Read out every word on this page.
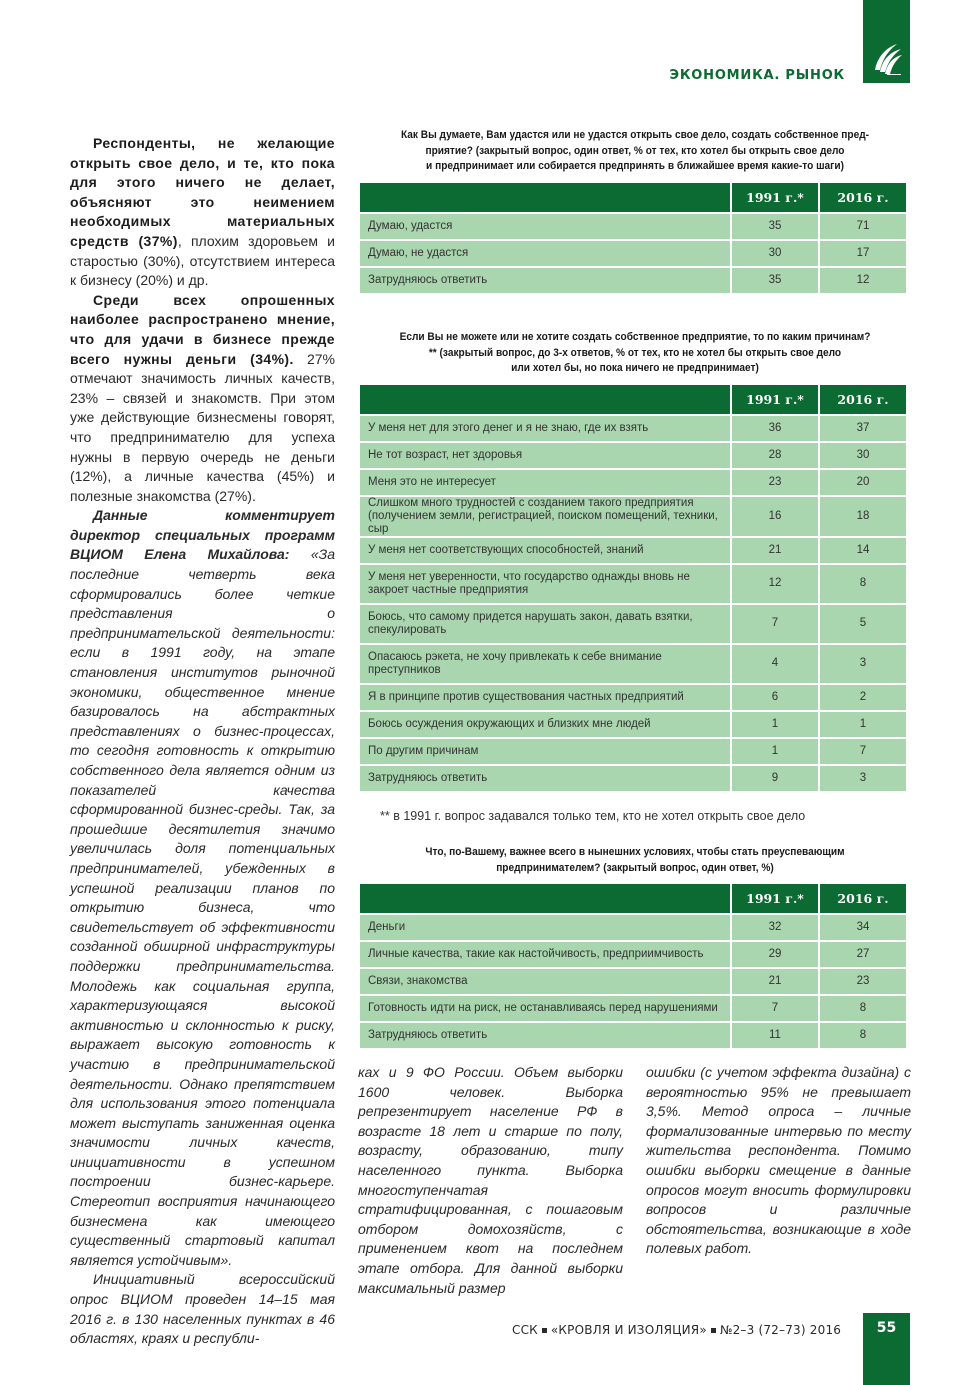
ЭКОНОМИКА. РЫНОК

Респонденты, не желающие открыть свое дело, и те, кто пока для этого ничего не делает, объясняют это неимением необходимых материальных средств (37%), плохим здоровьем и старостью (30%), отсутствием интереса к бизнесу (20%) и др.

Среди всех опрошенных наиболее распространено мнение, что для удачи в бизнесе прежде всего нужны деньги (34%). 27% отмечают значимость личных качеств, 23% – связей и знакомств. При этом уже действующие бизнесмены говорят, что предпринимателю для успеха нужны в первую очередь не деньги (12%), а личные качества (45%) и полезные знакомства (27%).

Данные комментирует директор специальных программ ВЦИОМ Елена Михайлова: «За последние четверть века сформировались более четкие представления о предпринимательской деятельности: если в 1991 году, на этапе становления институтов рыночной экономики, общественное мнение базировалось на абстрактных представлениях о бизнес-процессах, то сегодня готовность к открытию собственного дела является одним из показателей качества сформированной бизнес-среды. Так, за прошедшие десятилетия значимо увеличилась доля потенциальных предпринимателей, убежденных в успешной реализации планов по открытию бизнеса, что свидетельствует об эффективности созданной обширной инфраструктуры поддержки предпринимательства. Молодежь как социальная группа, характеризующаяся высокой активностью и склонностью к риску, выражает высокую готовность к участию в предпринимательской деятельности. Однако препятствием для использования этого потенциала может выступать заниженная оценка значимости личных качеств, инициативности в успешном построении бизнес-карьере. Стереотип восприятия начинающего бизнесмена как имеющего существенный стартовый капитал является устойчивым».

Инициативный всероссийский опрос ВЦИОМ проведен 14–15 мая 2016 г. в 130 населенных пунктах в 46 областях, краях и республи-

Как Вы думаете, Вам удастся или не удастся открыть свое дело, создать собственное пред-
приятие? (закрытый вопрос, один ответ, % от тех, кто хотел бы открыть свое дело
и предпринимает или собирается предпринять в ближайшее время какие-то шаги)
	1991 г.*	2016 г.
Думаю, удастся	35	71
Думаю, не удастся	30	17
Затрудняюсь ответить	35	12
Если Вы не можете или не хотите создать собственное предприятие, то по каким причинам?
** (закрытый вопрос, до 3-х ответов, % от тех, кто не хотел бы открыть свое дело
или хотел бы, но пока ничего не предпринимает)
	1991 г.*	2016 г.
У меня нет для этого денег и я не знаю, где их взять	36	37
Не тот возраст, нет здоровья	28	30
Меня это не интересует	23	20
Слишком много трудностей с созданием такого предприятия (получением земли, регистрацией, поиском помещений, техники, сыр	16	18
У меня нет соответствующих способностей, знаний	21	14
У меня нет уверенности, что государство однажды вновь не закроет частные предприятия	12	8
Боюсь, что самому придется нарушать закон, давать взятки, спекулировать	7	5
Опасаюсь рэкета, не хочу привлекать к себе внимание преступников	4	3
Я в принципе против существования частных предприятий	6	2
Боюсь осуждения окружающих и близких мне людей	1	1
По другим причинам	1	7
Затрудняюсь ответить	9	3
** в 1991 г. вопрос задавался только тем, кто не хотел открыть свое дело
Что, по-Вашему, важнее всего в нынешних условиях, чтобы стать преуспевающим
предпринимателем? (закрытый вопрос, один ответ, %)
	1991 г.*	2016 г.
Деньги	32	34
Личные качества, такие как настойчивость, предприимчивость	29	27
Связи, знакомства	21	23
Готовность идти на риск, не останавливаясь перед нарушениями	7	8
Затрудняюсь ответить	11	8

ках и 9 ФО России. Объем выборки 1600 человек. Выборка репрезентирует население РФ в возрасте 18 лет и старше по полу, возрасту, образованию, типу населенного пункта. Выборка многоступенчатая стратифицированная, с пошаговым отбором домохозяйств, с применением квот на последнем этапе отбора. Для данной выборки максимальный размер

ошибки (с учетом эффекта дизайна) с вероятностью 95% не превышает 3,5%. Метод опроса – личные формализованные интервью по месту жительства респондента. Помимо ошибки выборки смещение в данные опросов могут вносить формулировки вопросов и различные обстоятельства, возникающие в ходе полевых работ.

ССК «КРОВЛЯ И ИЗОЛЯЦИЯ» №2–3 (72–73) 2016	55
